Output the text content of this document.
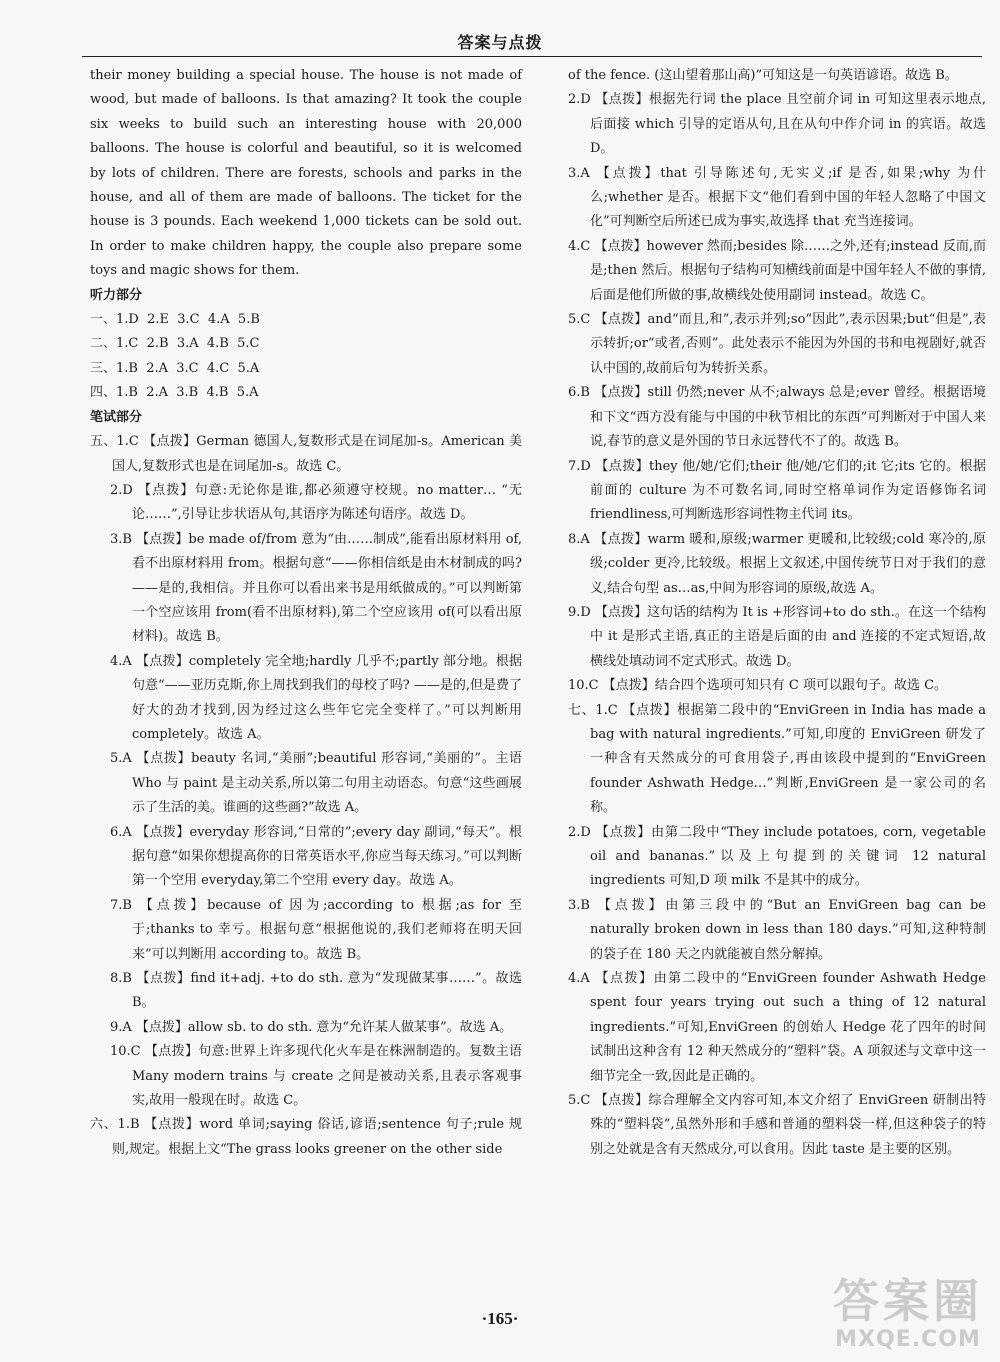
答案与点拨
their money building a special house. The house is not made of wood, but made of balloons. Is that amazing? It took the couple six weeks to build such an interesting house with 20,000 balloons. The house is colorful and beautiful, so it is welcomed by lots of children. There are forests, schools and parks in the house, and all of them are made of balloons. The ticket for the house is 3 pounds. Each weekend 1,000 tickets can be sold out. In order to make children happy, the couple also prepare some toys and magic shows for them.
听力部分
一、1.D  2.E  3.C  4.A  5.B
二、1.C  2.B  3.A  4.B  5.C
三、1.B  2.A  3.C  4.C  5.A
四、1.B  2.A  3.B  4.B  5.A
笔试部分
五、1.C 【点拨】German 德国人,复数形式是在词尾加-s。American 美国人,复数形式也是在词尾加-s。故选 C。
2.D 【点拨】句意:无论你是谁,都必须遵守校规。no matter… “无论……”,引导让步状语从句,其语序为陈述句语序。故选 D。
3.B 【点拨】be made of/from 意为“由……制成”,能看出原材料用 of,看不出原材料用 from。根据句意“——你相信纸是由木材制成的吗? ——是的,我相信。并且你可以看出来书是用纸做成的。”可以判断第一个空应该用 from(看不出原材料),第二个空应该用 of(可以看出原材料)。故选 B。
4.A 【点拨】completely 完全地;hardly 几乎不;partly 部分地。根据句意“——亚历克斯,你上周找到我们的母校了吗? ——是的,但是费了好大的劲才找到,因为经过这么些年它完全变样了。”可以判断用 completely。故选 A。
5.A 【点拨】beauty 名词,“美丽”;beautiful 形容词,“美丽的”。主语 Who 与 paint 是主动关系,所以第二句用主动语态。句意“这些画展示了生活的美。谁画的这些画?”故选 A。
6.A 【点拨】everyday 形容词,“日常的”;every day 副词,“每天”。根据句意“如果你想提高你的日常英语水平,你应当每天练习。”可以判断第一个空用 everyday,第二个空用 every day。故选 A。
7.B 【点拨】because of 因为;according to 根据;as for 至于;thanks to 幸亏。根据句意“根据他说的,我们老师将在明天回来”可以判断用 according to。故选 B。
8.B 【点拨】find it+adj. +to do sth. 意为“发现做某事……”。故选 B。
9.A 【点拨】allow sb. to do sth. 意为“允许某人做某事”。故选 A。
10.C 【点拨】句意:世界上许多现代化火车是在株洲制造的。复数主语 Many modern trains 与 create 之间是被动关系,且表示客观事实,故用一般现在时。故选 C。
六、1.B 【点拨】word 单词;saying 俗话,谚语;sentence 句子;rule 规则,规定。根据上文“The grass looks greener on the other side
of the fence. (这山望着那山高)”可知这是一句英语谚语。故选 B。
2.D 【点拨】根据先行词 the place 且空前介词 in 可知这里表示地点,后面接 which 引导的定语从句,且在从句中作介词 in 的宾语。故选 D。
3.A 【点拨】that 引导陈述句,无实义;if 是否,如果;why 为什么;whether 是否。根据下文“他们看到中国的年轻人忽略了中国文化”可判断空后所述已成为事实,故选择 that 充当连接词。
4.C 【点拨】however 然而;besides 除……之外,还有;instead 反而,而是;then 然后。根据句子结构可知横线前面是中国年轻人不做的事情,后面是他们所做的事,故横线处使用副词 instead。故选 C。
5.C 【点拨】and“而且,和”,表示并列;so“因此”,表示因果;but“但是”,表示转折;or“或者,否则”。此处表示不能因为外国的书和电视剧好,就否认中国的,故前后句为转折关系。
6.B 【点拨】still 仍然;never 从不;always 总是;ever 曾经。根据语境和下文“西方没有能与中国的中秋节相比的东西”可判断对于中国人来说,春节的意义是外国的节日永远替代不了的。故选 B。
7.D 【点拨】they 他/她/它们;their 他/她/它们的;it 它;its 它的。根据前面的 culture 为不可数名词,同时空格单词作为定语修饰名词 friendliness,可判断选形容词性物主代词 its。
8.A 【点拨】warm 暖和,原级;warmer 更暖和,比较级;cold 寒冷的,原级;colder 更冷,比较级。根据上文叙述,中国传统节日对于我们的意义,结合句型 as…as,中间为形容词的原级,故选 A。
9.D 【点拨】这句话的结构为 It is +形容词+to do sth.。在这一个结构中 it 是形式主语,真正的主语是后面的由 and 连接的不定式短语,故横线处填动词不定式形式。故选 D。
10.C 【点拨】结合四个选项可知只有 C 项可以跟句子。故选 C。
七、1.C 【点拨】根据第二段中的“EnviGreen in India has made a bag with natural ingredients.”可知,印度的 EnviGreen 研发了一种含有天然成分的可食用袋子,再由该段中提到的“EnviGreen founder Ashwath Hedge…”判断,EnviGreen 是一家公司的名称。
2.D 【点拨】由第二段中“They include potatoes, corn, vegetable oil and bananas.”以及上句提到的关键词 12 natural ingredients 可知,D 项 milk 不是其中的成分。
3.B 【点拨】由第三段中的“But an EnviGreen bag can be naturally broken down in less than 180 days.”可知,这种特制的袋子在 180 天之内就能被自然分解掉。
4.A 【点拨】由第二段中的“EnviGreen founder Ashwath Hedge spent four years trying out such a thing of 12 natural ingredients.”可知,EnviGreen 的创始人 Hedge 花了四年的时间试制出这种含有 12 种天然成分的“塑料”袋。A 项叙述与文章中这一细节完全一致,因此是正确的。
5.C 【点拨】综合理解全文内容可知,本文介绍了 EnviGreen 研制出特殊的“塑料袋”,虽然外形和手感和普通的塑料袋一样,但这种袋子的特别之处就是含有天然成分,可以食用。因此 taste 是主要的区别。
·165·	答案圈
MXQE.COM
